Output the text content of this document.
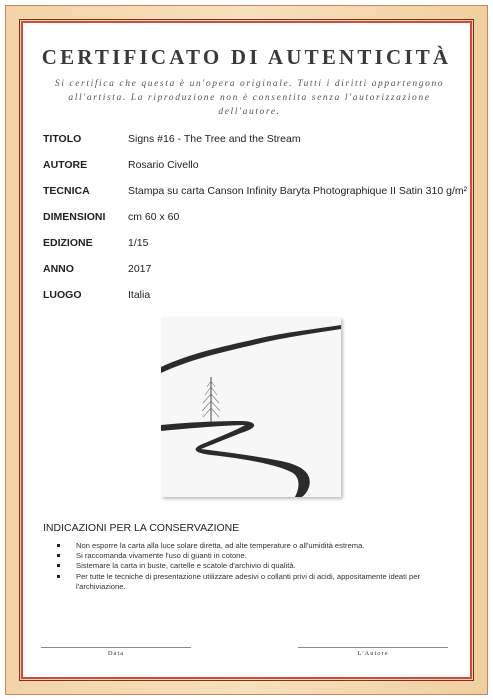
CERTIFICATO DI AUTENTICITÀ

Si certifica che questa è un'opera originale. Tutti i diritti appartengono all'artista. La riproduzione non è consentita senza l'autorizzazione dell'autore.

TITOLO	Signs #16 - The Tree and the Stream
AUTORE	Rosario Civello
TECNICA	Stampa su carta Canson Infinity Baryta Photographique II Satin 310 g/m²
DIMENSIONI cm 60 x 60
EDIZIONE	1/15
ANNO	2017
LUOGO	Italia

INDICAZIONI PER LA CONSERVAZIONE

Non esporre la carta alla luce solare diretta, ad alte temperature o all'umidità estrema.
Si raccomanda vivamente l'uso di guanti in cotone.
Sistemare la carta in buste, cartelle e scatole d'archivio di qualità.
Per tutte le tecniche di presentazione utilizzare adesivi o collanti privi di acidi, appositamente ideati per l'archiviazione.
Data	L'Autore
